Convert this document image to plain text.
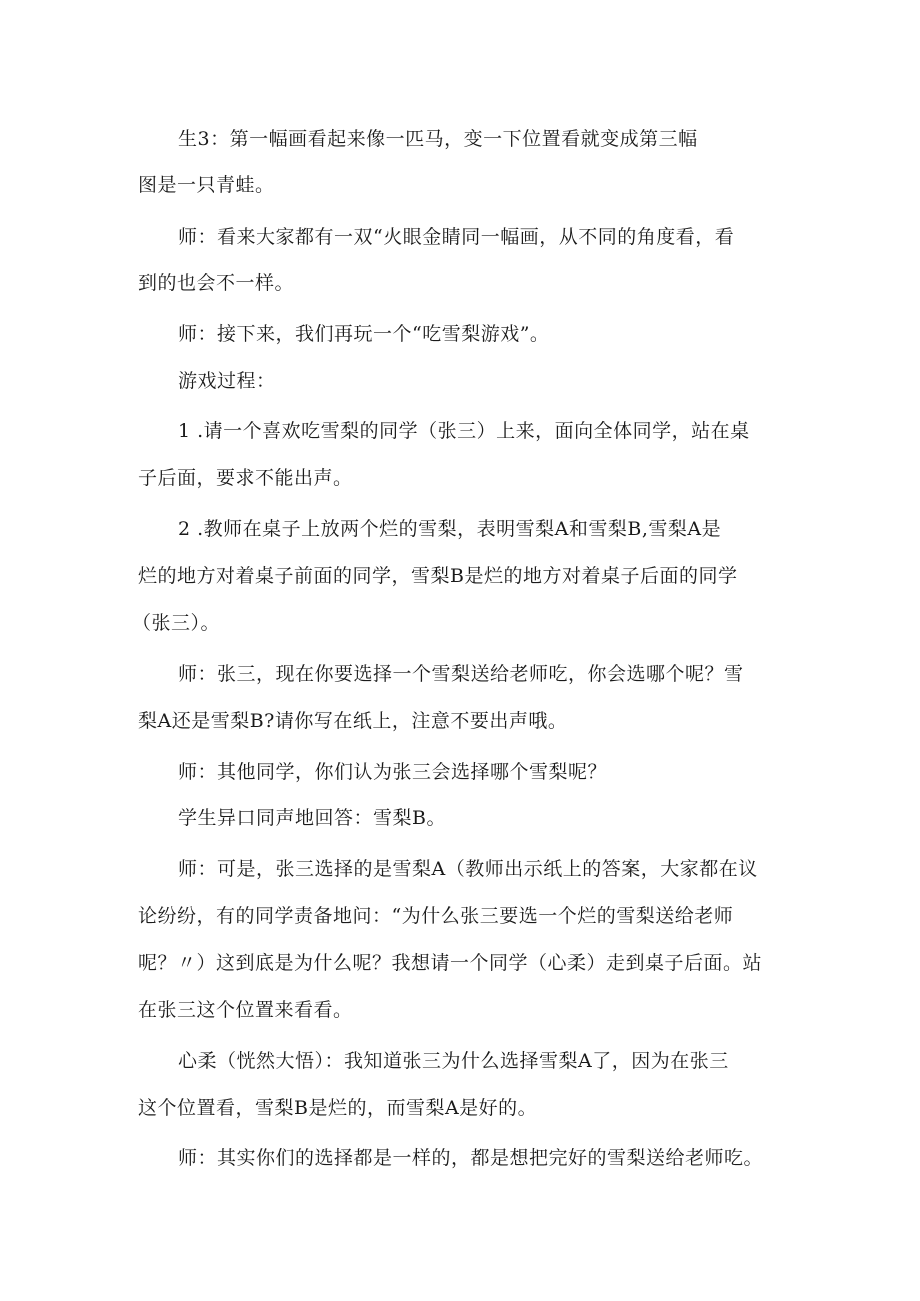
生3：第一幅画看起来像一匹马，变一下位置看就变成第三幅
图是一只青蛙。
师：看来大家都有一双“火眼金睛同一幅画，从不同的角度看，看
到的也会不一样。
师：接下来，我们再玩一个“吃雪梨游戏”。
游戏过程：
1 .请一个喜欢吃雪梨的同学（张三）上来，面向全体同学，站在桌
子后面，要求不能出声。
2 .教师在桌子上放两个烂的雪梨，表明雪梨A和雪梨B,雪梨A是
烂的地方对着桌子前面的同学，雪梨B是烂的地方对着桌子后面的同学
（张三）。
师：张三，现在你要选择一个雪梨送给老师吃，你会选哪个呢？雪
梨A还是雪梨B?请你写在纸上，注意不要出声哦。
师：其他同学，你们认为张三会选择哪个雪梨呢？
学生异口同声地回答：雪梨B。
师：可是，张三选择的是雪梨A（教师出示纸上的答案，大家都在议
论纷纷，有的同学责备地问：“为什么张三要选一个烂的雪梨送给老师
呢？〃）这到底是为什么呢？我想请一个同学（心柔）走到桌子后面。站
在张三这个位置来看看。
心柔（恍然大悟）：我知道张三为什么选择雪梨A了，因为在张三
这个位置看，雪梨B是烂的，而雪梨A是好的。
师：其实你们的选择都是一样的，都是想把完好的雪梨送给老师吃。
